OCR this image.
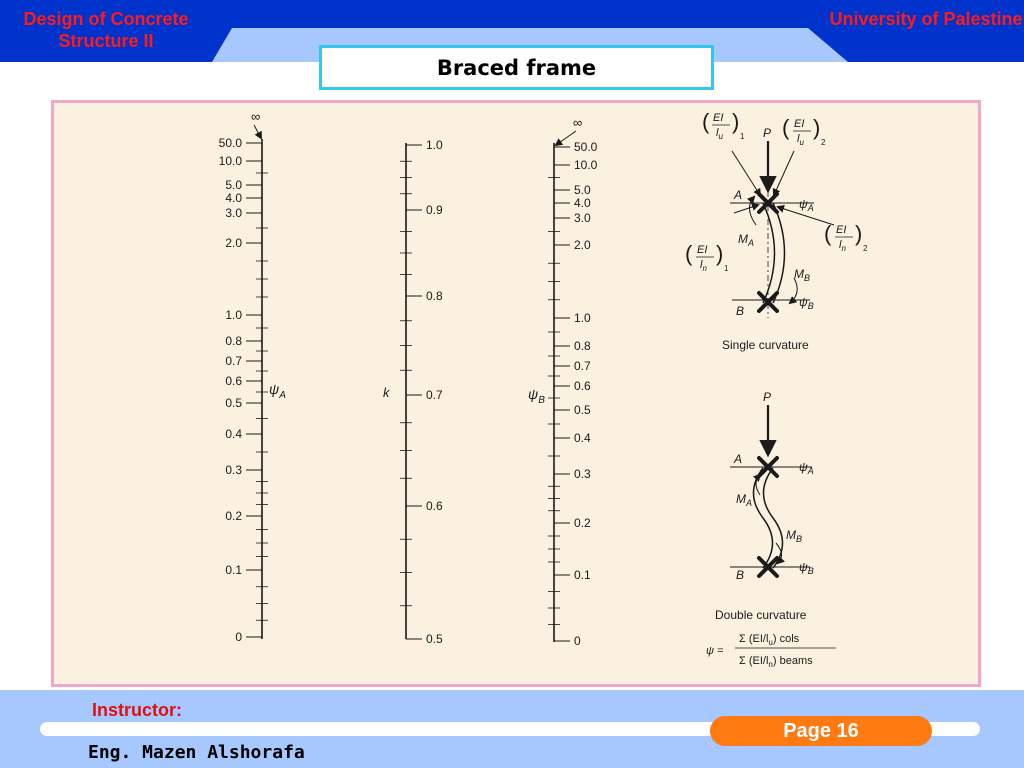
Design of Concrete Structure II
University of Palestine
Braced frame
∞
50.0
10.0
5.0
4.0
3.0
2.0
1.0
0.8
0.7
0.6
0.5
0.4
0.3
0.2
0.1
0
$\psi_A$
1.0
0.9
0.8
0.7
0.6
0.5
k
∞
50.0
10.0
5.0
4.0
3.0
2.0
1.0
0.8
0.7
0.6
0.5
0.4
0.3
0.2
0.1
0
$\psi_B$
P
( EI
$l_u$
)
1 ( EI
$l_u$
)
2
( EI
$l_n$
)
1
( EI
$l_n$
)
2
A
B
$\psi_A$
$\psi_B$
$M_A$
$M_B$
Single curvature
P
A
B
$\psi_A$
$\psi_B$
$M_A$
$M_B$
Double curvature
ψ =
Σ $(EI/l_u)$ cols
Σ $(EI/l_n)$ beams
Instructor:
Eng. Mazen Alshorafa
Page 16
